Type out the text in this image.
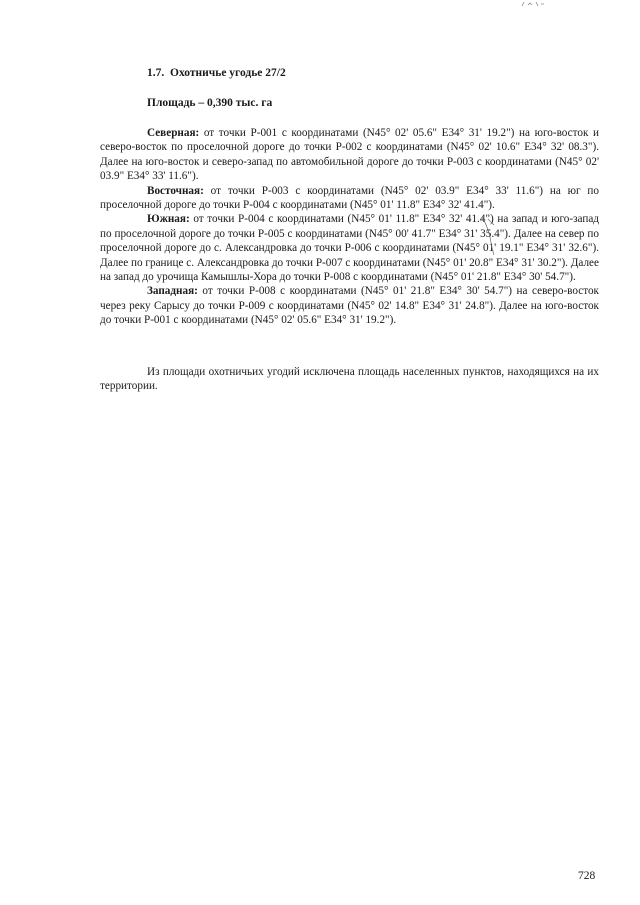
1.7. Охотничье угодье 27/2
Площадь – 0,390 тыс. га

Северная: от точки Р-001 с координатами (N45° 02' 05.6" E34° 31' 19.2") на юго-восток и северо-восток по проселочной дороге до точки Р-002 с координатами (N45° 02' 10.6" E34° 32' 08.3"). Далее на юго-восток и северо-запад по автомобильной дороге до точки Р-003 с координатами (N45° 02' 03.9" E34° 33' 11.6").

Восточная: от точки Р-003 с координатами (N45° 02' 03.9" E34° 33' 11.6") на юг по проселочной дороге до точки Р-004 с координатами (N45° 01' 11.8" E34° 32' 41.4").

Южная: от точки Р-004 с координатами (N45° 01' 11.8" E34° 32' 41.4") на запад и юго-запад по проселочной дороге до точки Р-005 с координатами (N45° 00' 41.7" E34° 31' 35.4"). Далее на север по проселочной дороге до с. Александровка до точки Р-006 с координатами (N45° 01' 19.1" E34° 31' 32.6"). Далее по границе с. Александровка до точки Р-007 с координатами (N45° 01' 20.8" E34° 31' 30.2"). Далее на запад до урочища Камышлы-Хора до точки Р-008 с координатами (N45° 01' 21.8" E34° 30' 54.7").

Западная: от точки Р-008 с координатами (N45° 01' 21.8" E34° 30' 54.7") на северо-восток через реку Сарысу до точки Р-009 с координатами (N45° 02' 14.8" E34° 31' 24.8"). Далее на юго-восток до точки Р-001 с координатами (N45° 02' 05.6" E34° 31' 19.2").

Из площади охотничьих угодий исключена площадь населенных пунктов, находящихся на их территории.

728
